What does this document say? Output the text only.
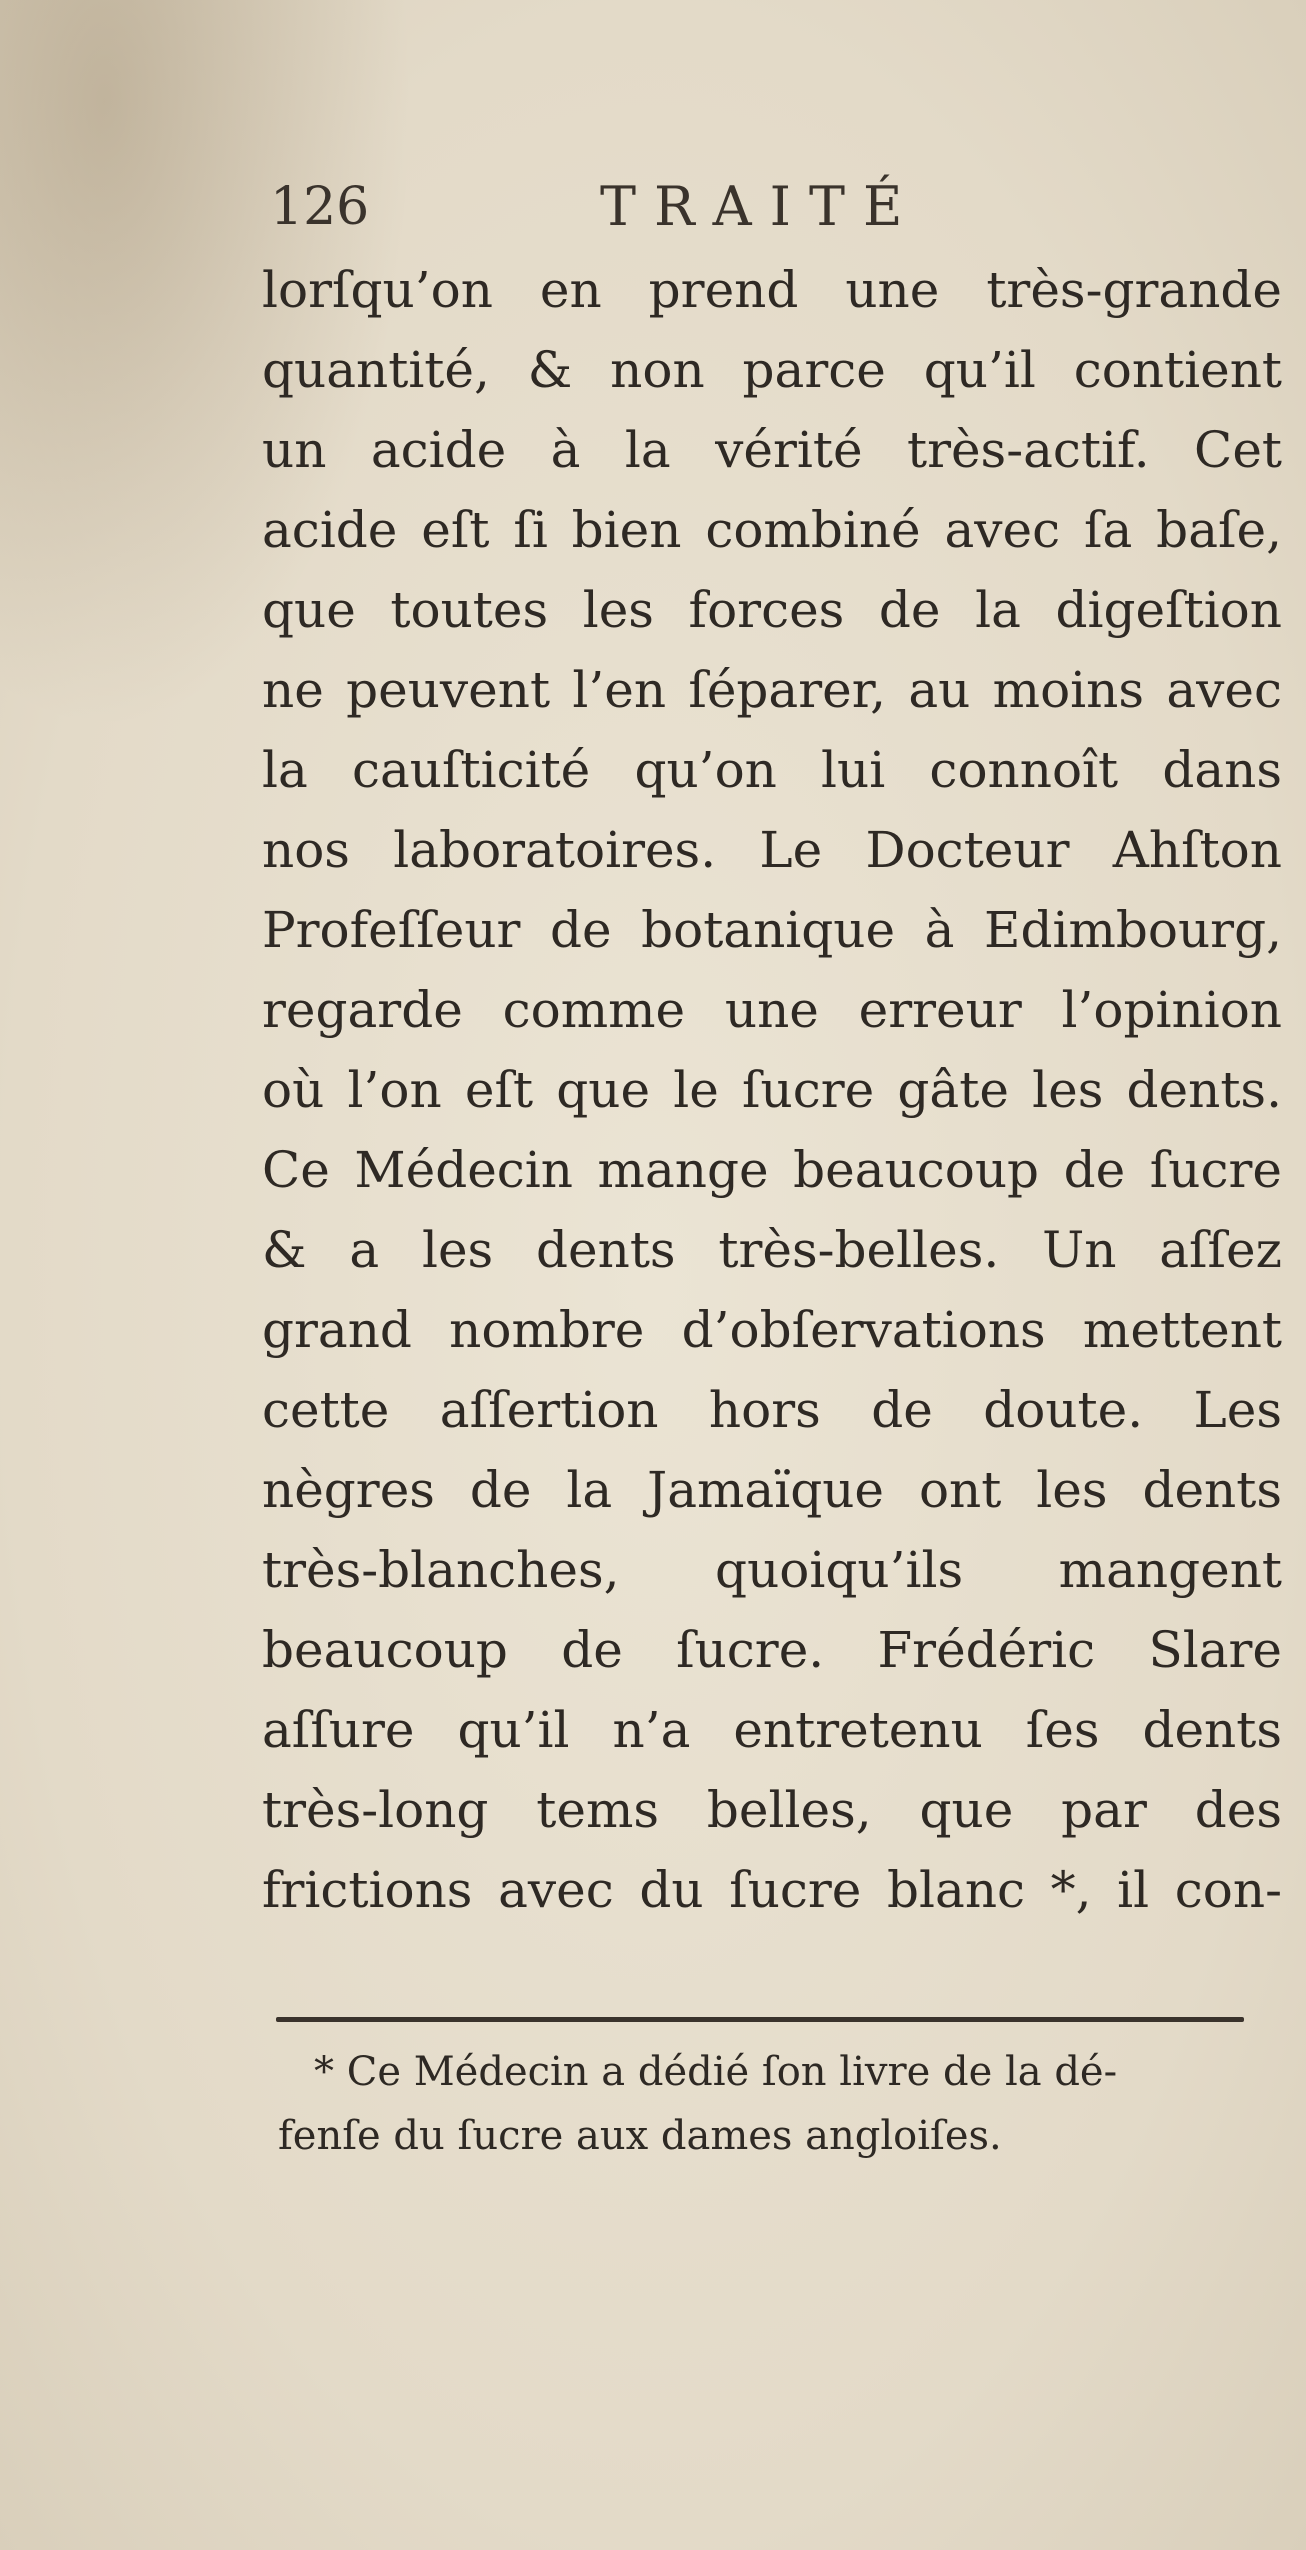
126	TRAITÉ
lorſqu’on en prend une très-grande
quantité, & non parce qu’il contient
un acide à la vérité très-actif. Cet
acide eſt ſi bien combiné avec ſa baſe,
que toutes les forces de la digeſtion
ne peuvent l’en ſéparer, au moins avec
la cauſticité qu’on lui connoît dans
nos laboratoires. Le Docteur Ahſton
Profeſſeur de botanique à Edimbourg,
regarde comme une erreur l’opinion
où l’on eſt que le ſucre gâte les dents.
Ce Médecin mange beaucoup de ſucre
& a les dents très-belles. Un aſſez
grand nombre d’obſervations mettent
cette aſſertion hors de doute. Les
nègres de la Jamaïque ont les dents
très-blanches, quoiqu’ils mangent
beaucoup de ſucre. Frédéric Slare
aſſure qu’il n’a entretenu ſes dents
très-long tems belles, que par des
frictions avec du ſucre blanc *, il con-
* Ce Médecin a dédié ſon livre de la dé-
fenſe du ſucre aux dames angloiſes.
